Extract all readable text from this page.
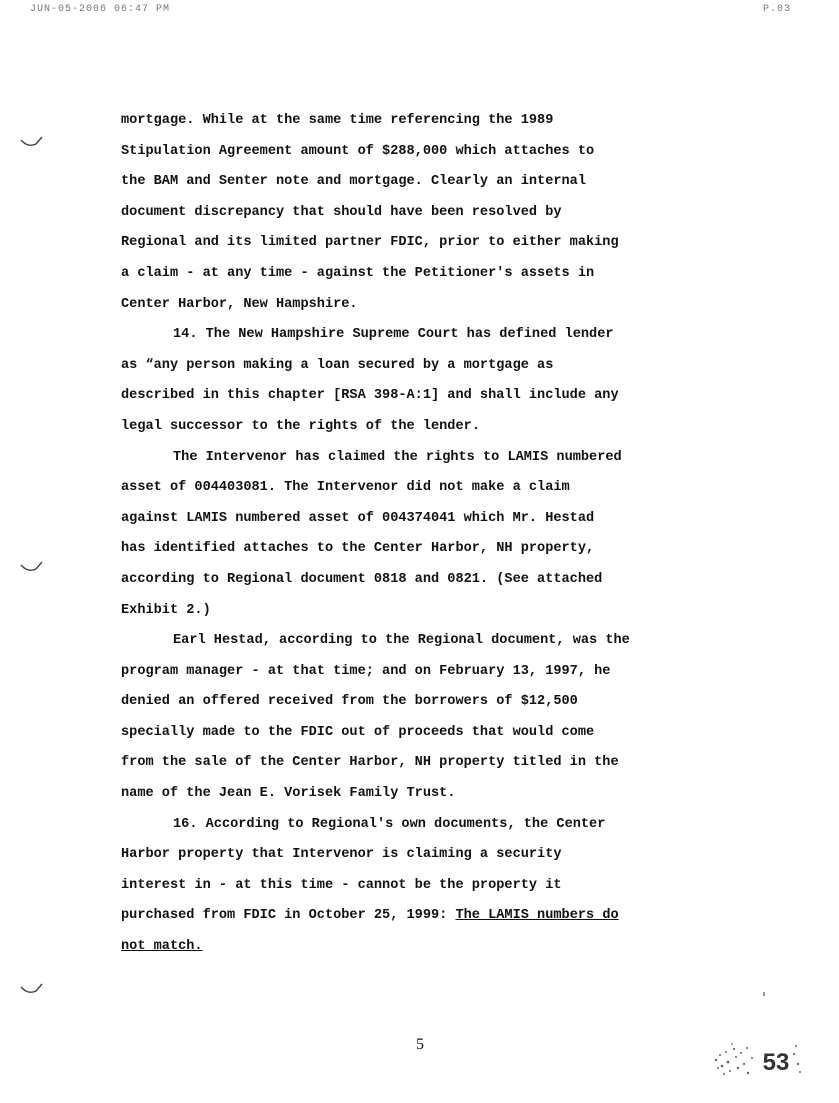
JUN-05-2006 06:47 PM	P.03

mortgage. While at the same time referencing the 1989

Stipulation Agreement amount of $288,000 which attaches to

the BAM and Senter note and mortgage. Clearly an internal

document discrepancy that should have been resolved by

Regional and its limited partner FDIC, prior to either making

a claim - at any time - against the Petitioner's assets in

Center Harbor, New Hampshire.

14. The New Hampshire Supreme Court has defined lender

as “any person making a loan secured by a mortgage as

described in this chapter [RSA 398-A:1] and shall include any

legal successor to the rights of the lender.

The Intervenor has claimed the rights to LAMIS numbered

asset of 004403081. The Intervenor did not make a claim

against LAMIS numbered asset of 004374041 which Mr. Hestad

has identified attaches to the Center Harbor, NH property,

according to Regional document 0818 and 0821. (See attached

Exhibit 2.)

Earl Hestad, according to the Regional document, was the

program manager - at that time; and on February 13, 1997, he

denied an offered received from the borrowers of $12,500

specially made to the FDIC out of proceeds that would come

from the sale of the Center Harbor, NH property titled in the

name of the Jean E. Vorisek Family Trust.

16. According to Regional's own documents, the Center

Harbor property that Intervenor is claiming a security

interest in - at this time - cannot be the property it

purchased from FDIC in October 25, 1999: The LAMIS numbers do

not match.

5
53
